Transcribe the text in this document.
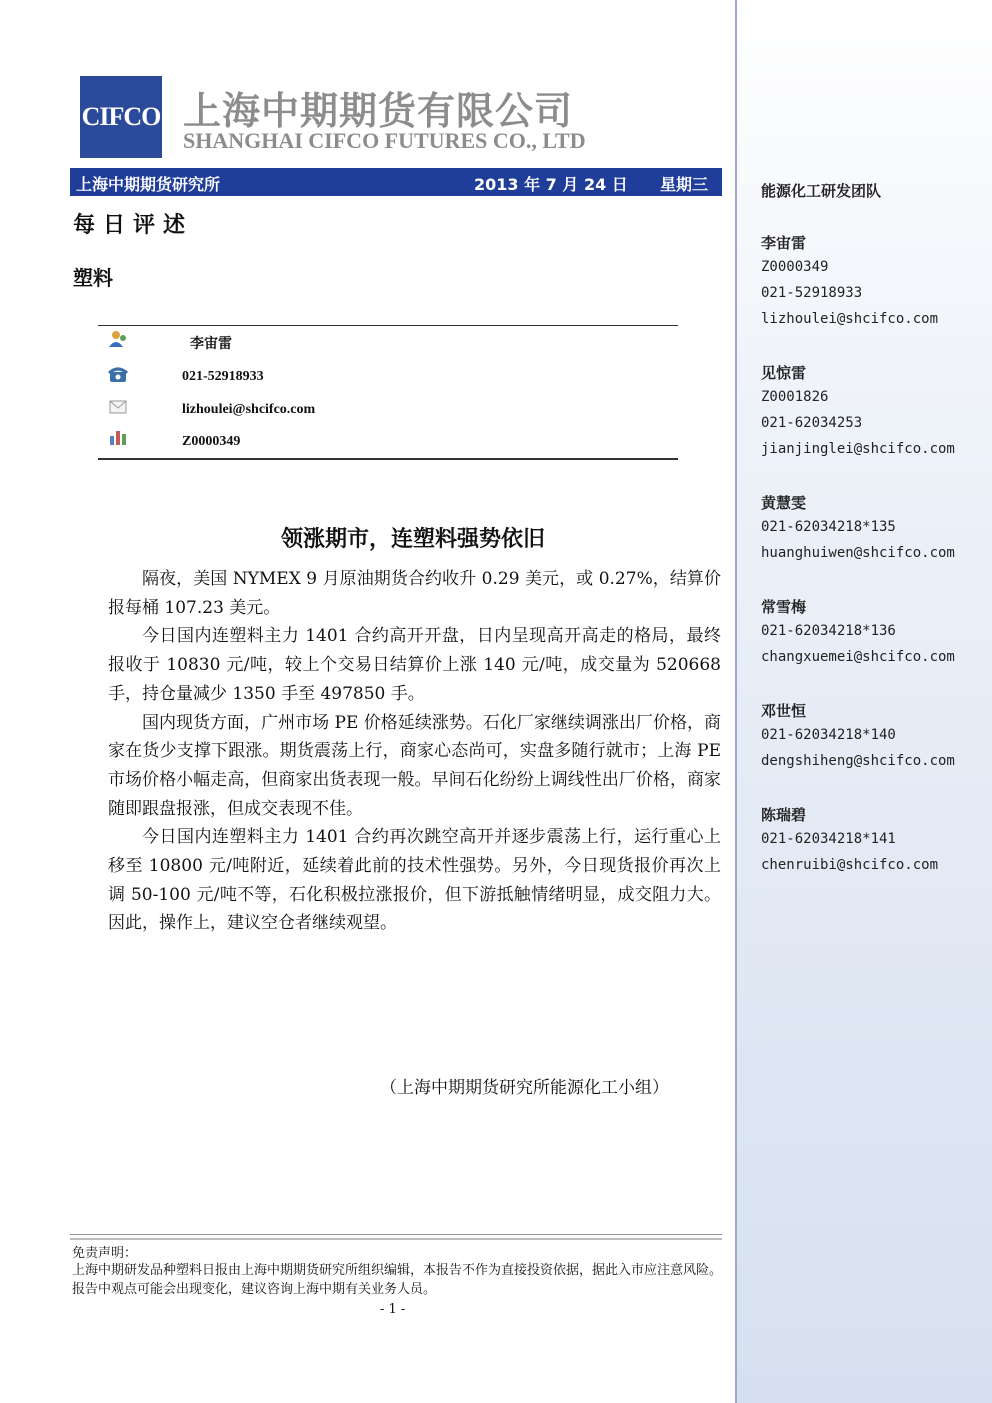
能源化工研发团队
李宙雷
Z0000349
021-52918933
lizhoulei@shcifco.com
见惊雷
Z0001826
021-62034253
jianjinglei@shcifco.com
黄慧雯
021-62034218*135
huanghuiwen@shcifco.com
常雪梅
021-62034218*136
changxuemei@shcifco.com
邓世恒
021-62034218*140
dengshiheng@shcifco.com
陈瑞碧
021-62034218*141
chenruibi@shcifco.com
CIFCO 上海中期期货有限公司
SHANGHAI CIFCO FUTURES CO., LTD
上海中期期货研究所	2013 年 7 月 24 日 星期三
每日评述
塑料
李宙雷
021-52918933
lizhoulei@shcifco.com
Z0000349
领涨期市，连塑料强势依旧

隔夜，美国 NYMEX 9 月原油期货合约收升 0.29 美元，或 0.27%，结算价报每桶 107.23 美元。

今日国内连塑料主力 1401 合约高开开盘，日内呈现高开高走的格局，最终报收于 10830 元/吨，较上个交易日结算价上涨 140 元/吨，成交量为 520668 手，持仓量减少 1350 手至 497850 手。

国内现货方面，广州市场 PE 价格延续涨势。石化厂家继续调涨出厂价格，商家在货少支撑下跟涨。期货震荡上行，商家心态尚可，实盘多随行就市；上海 PE 市场价格小幅走高，但商家出货表现一般。早间石化纷纷上调线性出厂价格，商家随即跟盘报涨，但成交表现不佳。

今日国内连塑料主力 1401 合约再次跳空高开并逐步震荡上行，运行重心上移至 10800 元/吨附近，延续着此前的技术性强势。另外，今日现货报价再次上调 50-100 元/吨不等，石化积极拉涨报价，但下游抵触情绪明显，成交阻力大。因此，操作上，建议空仓者继续观望。

（上海中期期货研究所能源化工小组）
免责声明：
上海中期研发品种塑料日报由上海中期期货研究所组织编辑，本报告不作为直接投资依据，据此入市应注意风险。报告中观点可能会出现变化，建议咨询上海中期有关业务人员。
- 1 -
